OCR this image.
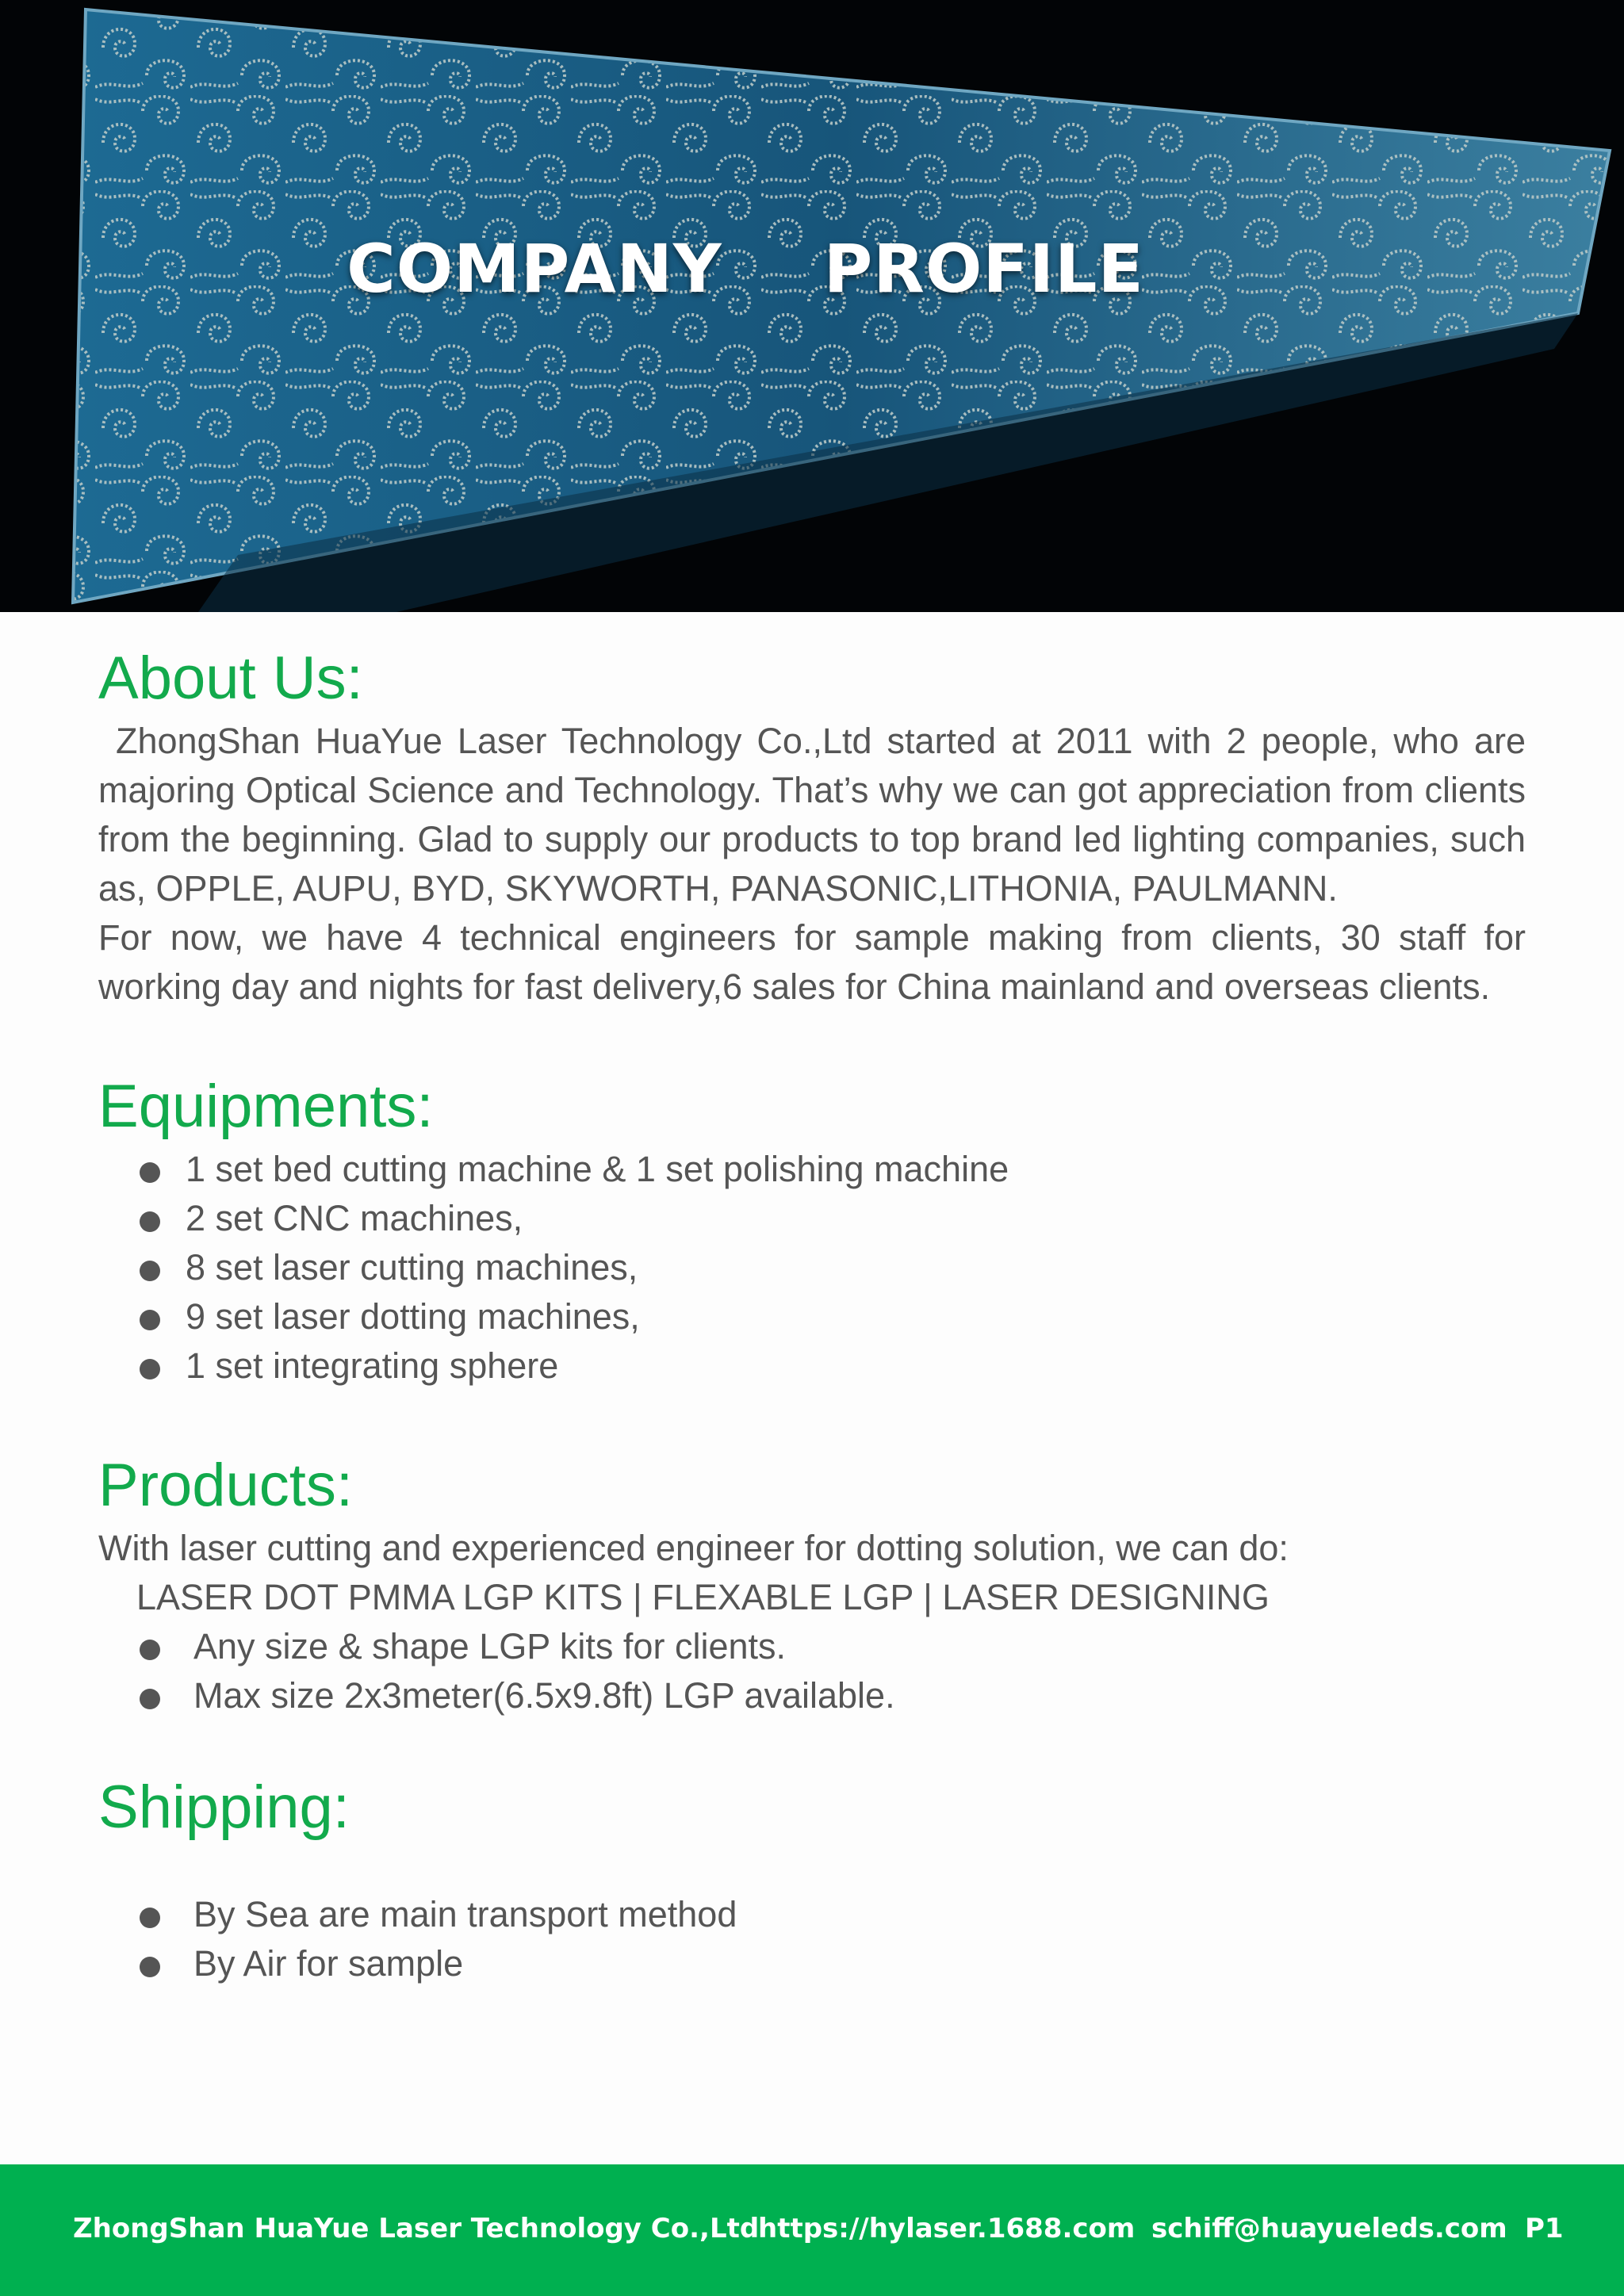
COMPANY PROFILE
About Us:

ZhongShan HuaYue Laser Technology Co.,Ltd started at 2011 with 2 people, who are majoring Optical Science and Technology. That’s why we can got appreciation from clients from the beginning. Glad to supply our products to top brand led lighting companies, such as, OPPLE, AUPU, BYD, SKYWORTH, PANASONIC,LITHONIA, PAULMANN.

For now, we have 4 technical engineers for sample making from clients, 30 staff for working day and nights for fast delivery,6 sales for China mainland and overseas clients.

Equipments:
1 set bed cutting machine & 1 set polishing machine
2 set CNC machines,
8 set laser cutting machines,
9 set laser dotting machines,
1 set integrating sphere
Products:
With laser cutting and experienced engineer for dotting solution, we can do:
LASER DOT PMMA LGP KITS | FLEXABLE LGP | LASER DESIGNING
Any size & shape LGP kits for clients.
Max size 2x3meter(6.5x9.8ft) LGP available.
Shipping:
By Sea are main transport method
By Air for sample
ZhongShan HuaYue Laser Technology Co.,Ltd
https://hylaser.1688.com schiff@huayueleds.com P1
